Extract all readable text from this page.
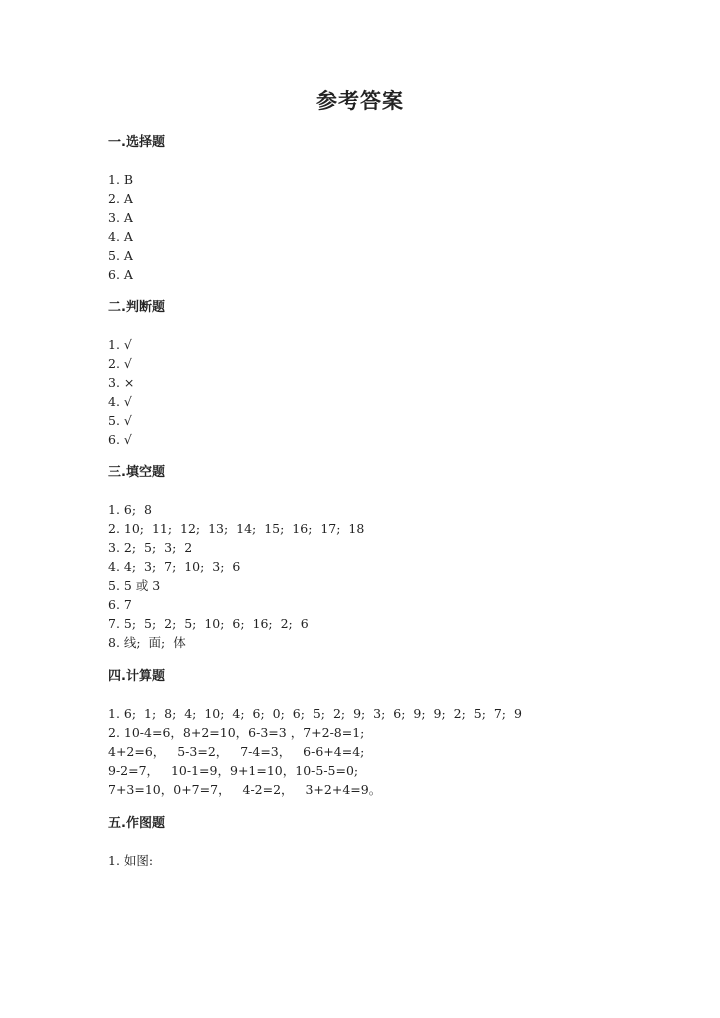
参考答案
一.选择题
1. B
2. A
3. A
4. A
5. A
6. A
二.判断题
1. √
2. √
3. ×
4. √
5. √
6. √
三.填空题
1. 6;  8
2. 10;  11;  12;  13;  14;  15;  16;  17;  18
3. 2;  5;  3;  2
4. 4;  3;  7;  10;  3;  6
5. 5 或 3
6. 7
7. 5;  5;  2;  5;  10;  6;  16;  2;  6
8. 线;  面;  体
四.计算题
1. 6;  1;  8;  4;  10;  4;  6;  0;  6;  5;  2;  9;  3;  6;  9;  9;  2;  5;  7;  9
2. 10-4=6，8+2=10，6-3=3 ，7+2-8=1;
4+2=6，   5-3=2，   7-4=3，   6-6+4=4;
9-2=7，   10-1=9，9+1=10，10-5-5=0;
7+3=10，0+7=7，   4-2=2，   3+2+4=9。
五.作图题
1. 如图:
